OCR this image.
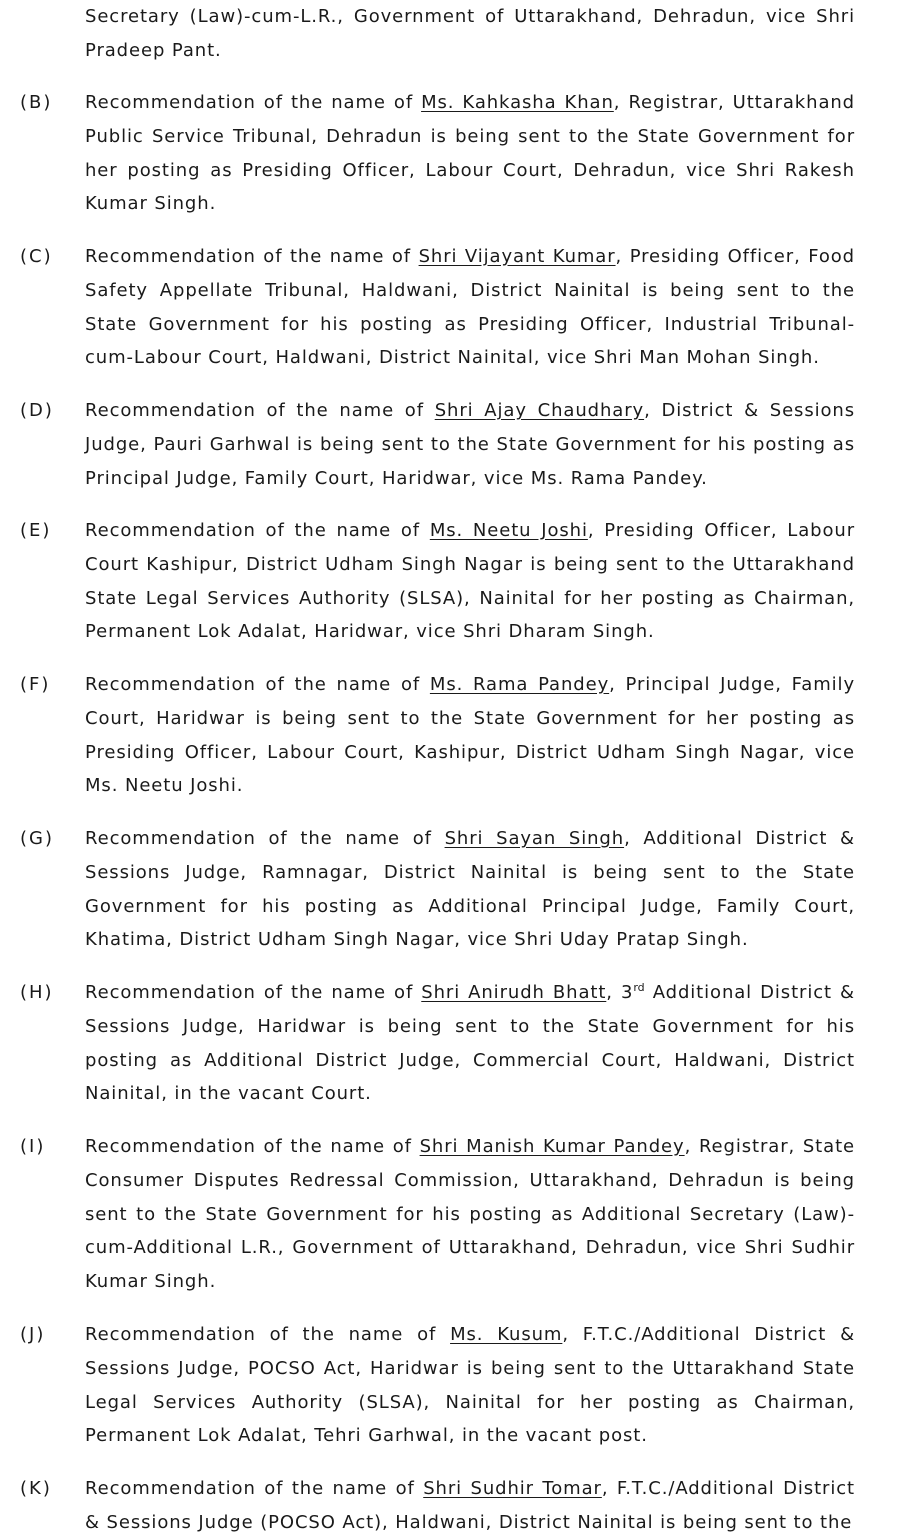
Secretary (Law)-cum-L.R., Government of Uttarakhand, Dehradun, vice Shri Pradeep Pant.
(B) Recommendation of the name of Ms. Kahkasha Khan, Registrar, Uttarakhand Public Service Tribunal, Dehradun is being sent to the State Government for her posting as Presiding Officer, Labour Court, Dehradun, vice Shri Rakesh Kumar Singh.
(C) Recommendation of the name of Shri Vijayant Kumar, Presiding Officer, Food Safety Appellate Tribunal, Haldwani, District Nainital is being sent to the State Government for his posting as Presiding Officer, Industrial Tribunal-cum-Labour Court, Haldwani, District Nainital, vice Shri Man Mohan Singh.
(D) Recommendation of the name of Shri Ajay Chaudhary, District & Sessions Judge, Pauri Garhwal is being sent to the State Government for his posting as Principal Judge, Family Court, Haridwar, vice Ms. Rama Pandey.
(E) Recommendation of the name of Ms. Neetu Joshi, Presiding Officer, Labour Court Kashipur, District Udham Singh Nagar is being sent to the Uttarakhand State Legal Services Authority (SLSA), Nainital for her posting as Chairman, Permanent Lok Adalat, Haridwar, vice Shri Dharam Singh.
(F) Recommendation of the name of Ms. Rama Pandey, Principal Judge, Family Court, Haridwar is being sent to the State Government for her posting as Presiding Officer, Labour Court, Kashipur, District Udham Singh Nagar, vice Ms. Neetu Joshi.
(G) Recommendation of the name of Shri Sayan Singh, Additional District & Sessions Judge, Ramnagar, District Nainital is being sent to the State Government for his posting as Additional Principal Judge, Family Court, Khatima, District Udham Singh Nagar, vice Shri Uday Pratap Singh.
(H) Recommendation of the name of Shri Anirudh Bhatt, 3rd Additional District & Sessions Judge, Haridwar is being sent to the State Government for his posting as Additional District Judge, Commercial Court, Haldwani, District Nainital, in the vacant Court.
(I) Recommendation of the name of Shri Manish Kumar Pandey, Registrar, State Consumer Disputes Redressal Commission, Uttarakhand, Dehradun is being sent to the State Government for his posting as Additional Secretary (Law)-cum-Additional L.R., Government of Uttarakhand, Dehradun, vice Shri Sudhir Kumar Singh.
(J) Recommendation of the name of Ms. Kusum, F.T.C./Additional District & Sessions Judge, POCSO Act, Haridwar is being sent to the Uttarakhand State Legal Services Authority (SLSA), Nainital for her posting as Chairman, Permanent Lok Adalat, Tehri Garhwal, in the vacant post.
(K) Recommendation of the name of Shri Sudhir Tomar, F.T.C./Additional District & Sessions Judge (POCSO Act), Haldwani, District Nainital is being sent to the
